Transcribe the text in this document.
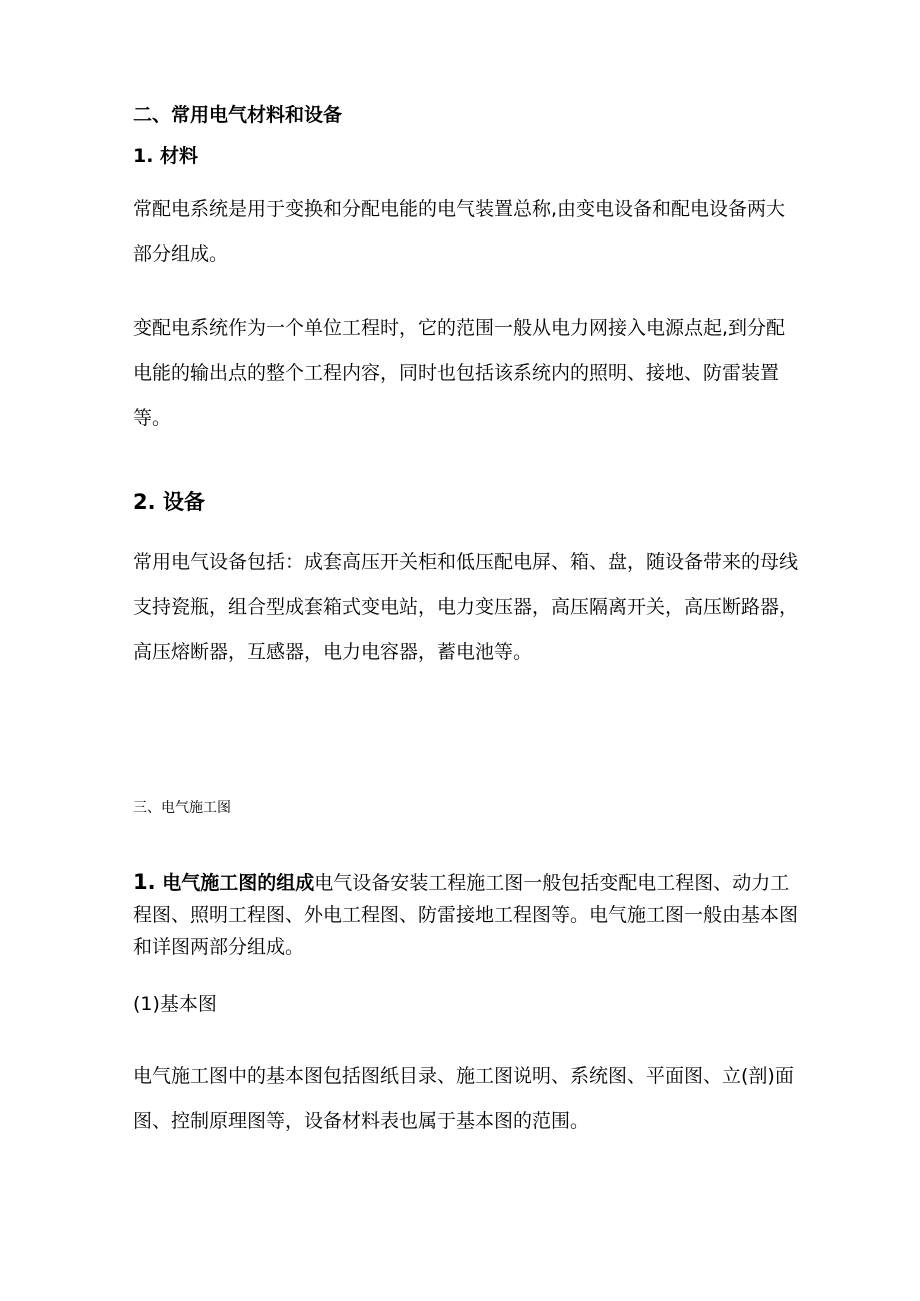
二、常用电气材料和设备
1. 材料

常配电系统是用于变换和分配电能的电气装置总称,由变电设备和配电设备两大部分组成。

变配电系统作为一个单位工程时，它的范围一般从电力网接入电源点起,到分配电能的输出点的整个工程内容，同时也包括该系统内的照明、接地、防雷装置等。

2. 设备

常用电气设备包括：成套高压开关柜和低压配电屏、箱、盘，随设备带来的母线支持瓷瓶，组合型成套箱式变电站，电力变压器，高压隔离开关，高压断路器，高压熔断器，互感器，电力电容器，蓄电池等。

三、电气施工图

1. 电气施工图的组成电气设备安装工程施工图一般包括变配电工程图、动力工程图、照明工程图、外电工程图、防雷接地工程图等。电气施工图一般由基本图和详图两部分组成。

(1)基本图

电气施工图中的基本图包括图纸目录、施工图说明、系统图、平面图、立(剖)面图、控制原理图等，设备材料表也属于基本图的范围。
